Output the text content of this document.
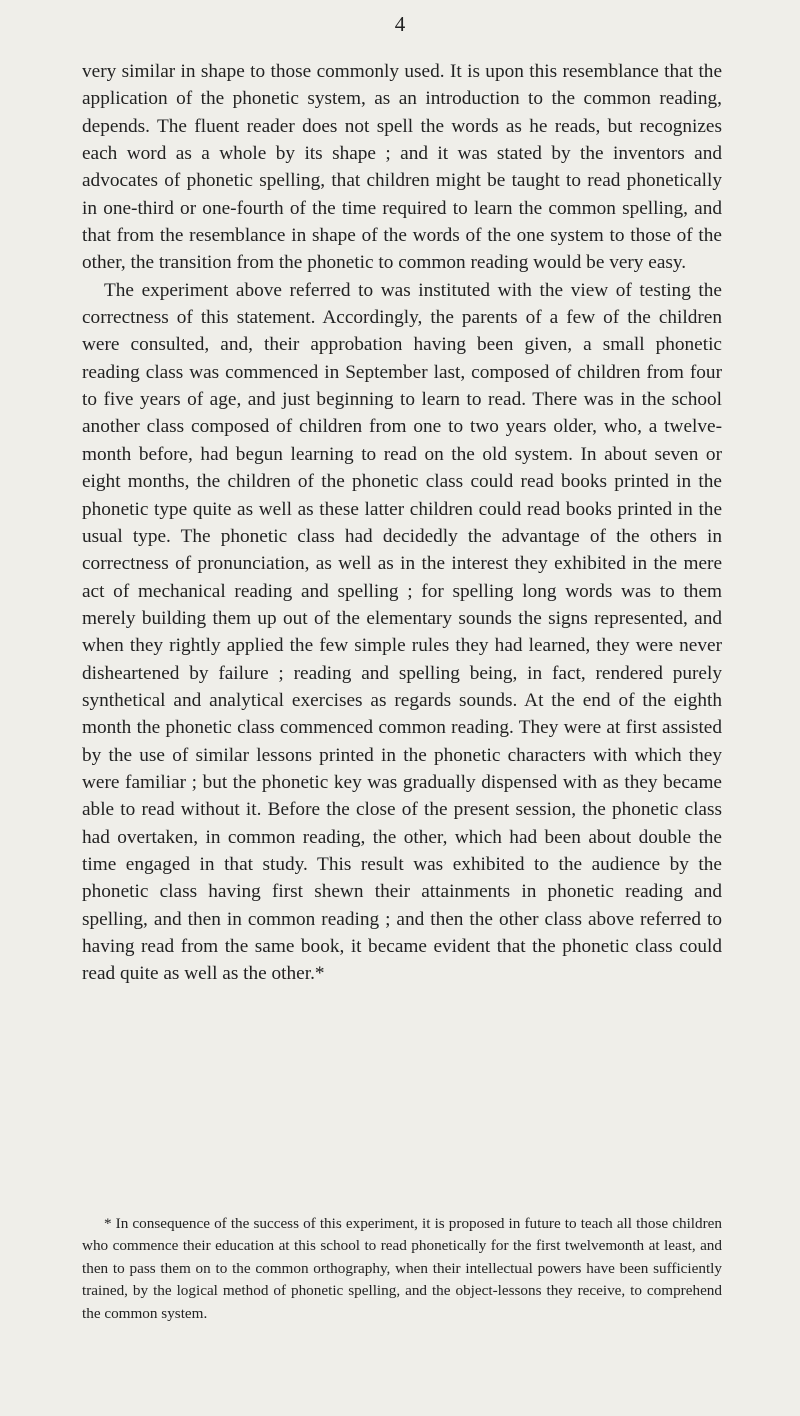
4

very similar in shape to those commonly used. It is upon this resemblance that the application of the phonetic system, as an introduction to the common reading, depends. The fluent reader does not spell the words as he reads, but recognizes each word as a whole by its shape ; and it was stated by the inventors and advocates of phonetic spelling, that children might be taught to read phonetically in one-third or one-fourth of the time required to learn the common spelling, and that from the resemblance in shape of the words of the one system to those of the other, the transition from the phonetic to common reading would be very easy.

The experiment above referred to was instituted with the view of testing the correctness of this statement. Accordingly, the parents of a few of the children were consulted, and, their approbation having been given, a small phonetic reading class was commenced in September last, composed of children from four to five years of age, and just beginning to learn to read. There was in the school another class composed of children from one to two years older, who, a twelve-month before, had begun learning to read on the old system. In about seven or eight months, the children of the phonetic class could read books printed in the phonetic type quite as well as these latter children could read books printed in the usual type. The phonetic class had decidedly the advantage of the others in correctness of pronunciation, as well as in the interest they exhibited in the mere act of mechanical reading and spelling ; for spelling long words was to them merely building them up out of the elementary sounds the signs represented, and when they rightly applied the few simple rules they had learned, they were never disheartened by failure ; reading and spelling being, in fact, rendered purely synthetical and analytical exercises as regards sounds. At the end of the eighth month the phonetic class commenced common reading. They were at first assisted by the use of similar lessons printed in the phonetic characters with which they were familiar ; but the phonetic key was gradually dispensed with as they became able to read without it. Before the close of the present session, the phonetic class had overtaken, in common reading, the other, which had been about double the time engaged in that study. This result was exhibited to the audience by the phonetic class having first shewn their attainments in phonetic reading and spelling, and then in common reading ; and then the other class above referred to having read from the same book, it became evident that the phonetic class could read quite as well as the other.*

* In consequence of the success of this experiment, it is proposed in future to teach all those children who commence their education at this school to read phonetically for the first twelvemonth at least, and then to pass them on to the common orthography, when their intellectual powers have been sufficiently trained, by the logical method of phonetic spelling, and the object-lessons they receive, to comprehend the common system.
